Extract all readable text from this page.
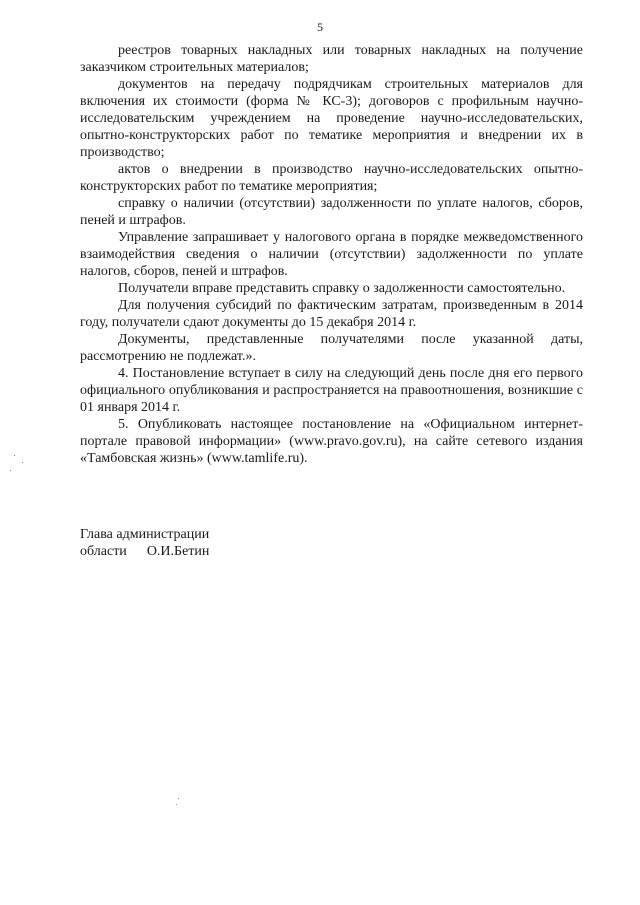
5

реестров товарных накладных или товарных накладных на получение заказчиком строительных материалов;

документов на передачу подрядчикам строительных материалов для включения их стоимости (форма № КС-3); договоров с профильным научно-исследовательским учреждением на проведение научно-исследовательских, опытно-конструкторских работ по тематике мероприятия и внедрении их в производство;

актов о внедрении в производство научно-исследовательских опытно-конструкторских работ по тематике мероприятия;

справку о наличии (отсутствии) задолженности по уплате налогов, сборов, пеней и штрафов.

Управление запрашивает у налогового органа в порядке межведомственного взаимодействия сведения о наличии (отсутствии) задолженности по уплате налогов, сборов, пеней и штрафов.

Получатели вправе представить справку о задолженности самостоятельно.

Для получения субсидий по фактическим затратам, произведенным в 2014 году, получатели сдают документы до 15 декабря 2014 г.

Документы, представленные получателями после указанной даты, рассмотрению не подлежат.».

4. Постановление вступает в силу на следующий день после дня его первого официального опубликования и распространяется на правоотношения, возникшие с 01 января 2014 г.

5. Опубликовать настоящее постановление на «Официальном интернет-портале правовой информации» (www.pravo.gov.ru), на сайте сетевого издания «Тамбовская жизнь» (www.tamlife.ru).

Глава администрации
области О.И.Бетин
